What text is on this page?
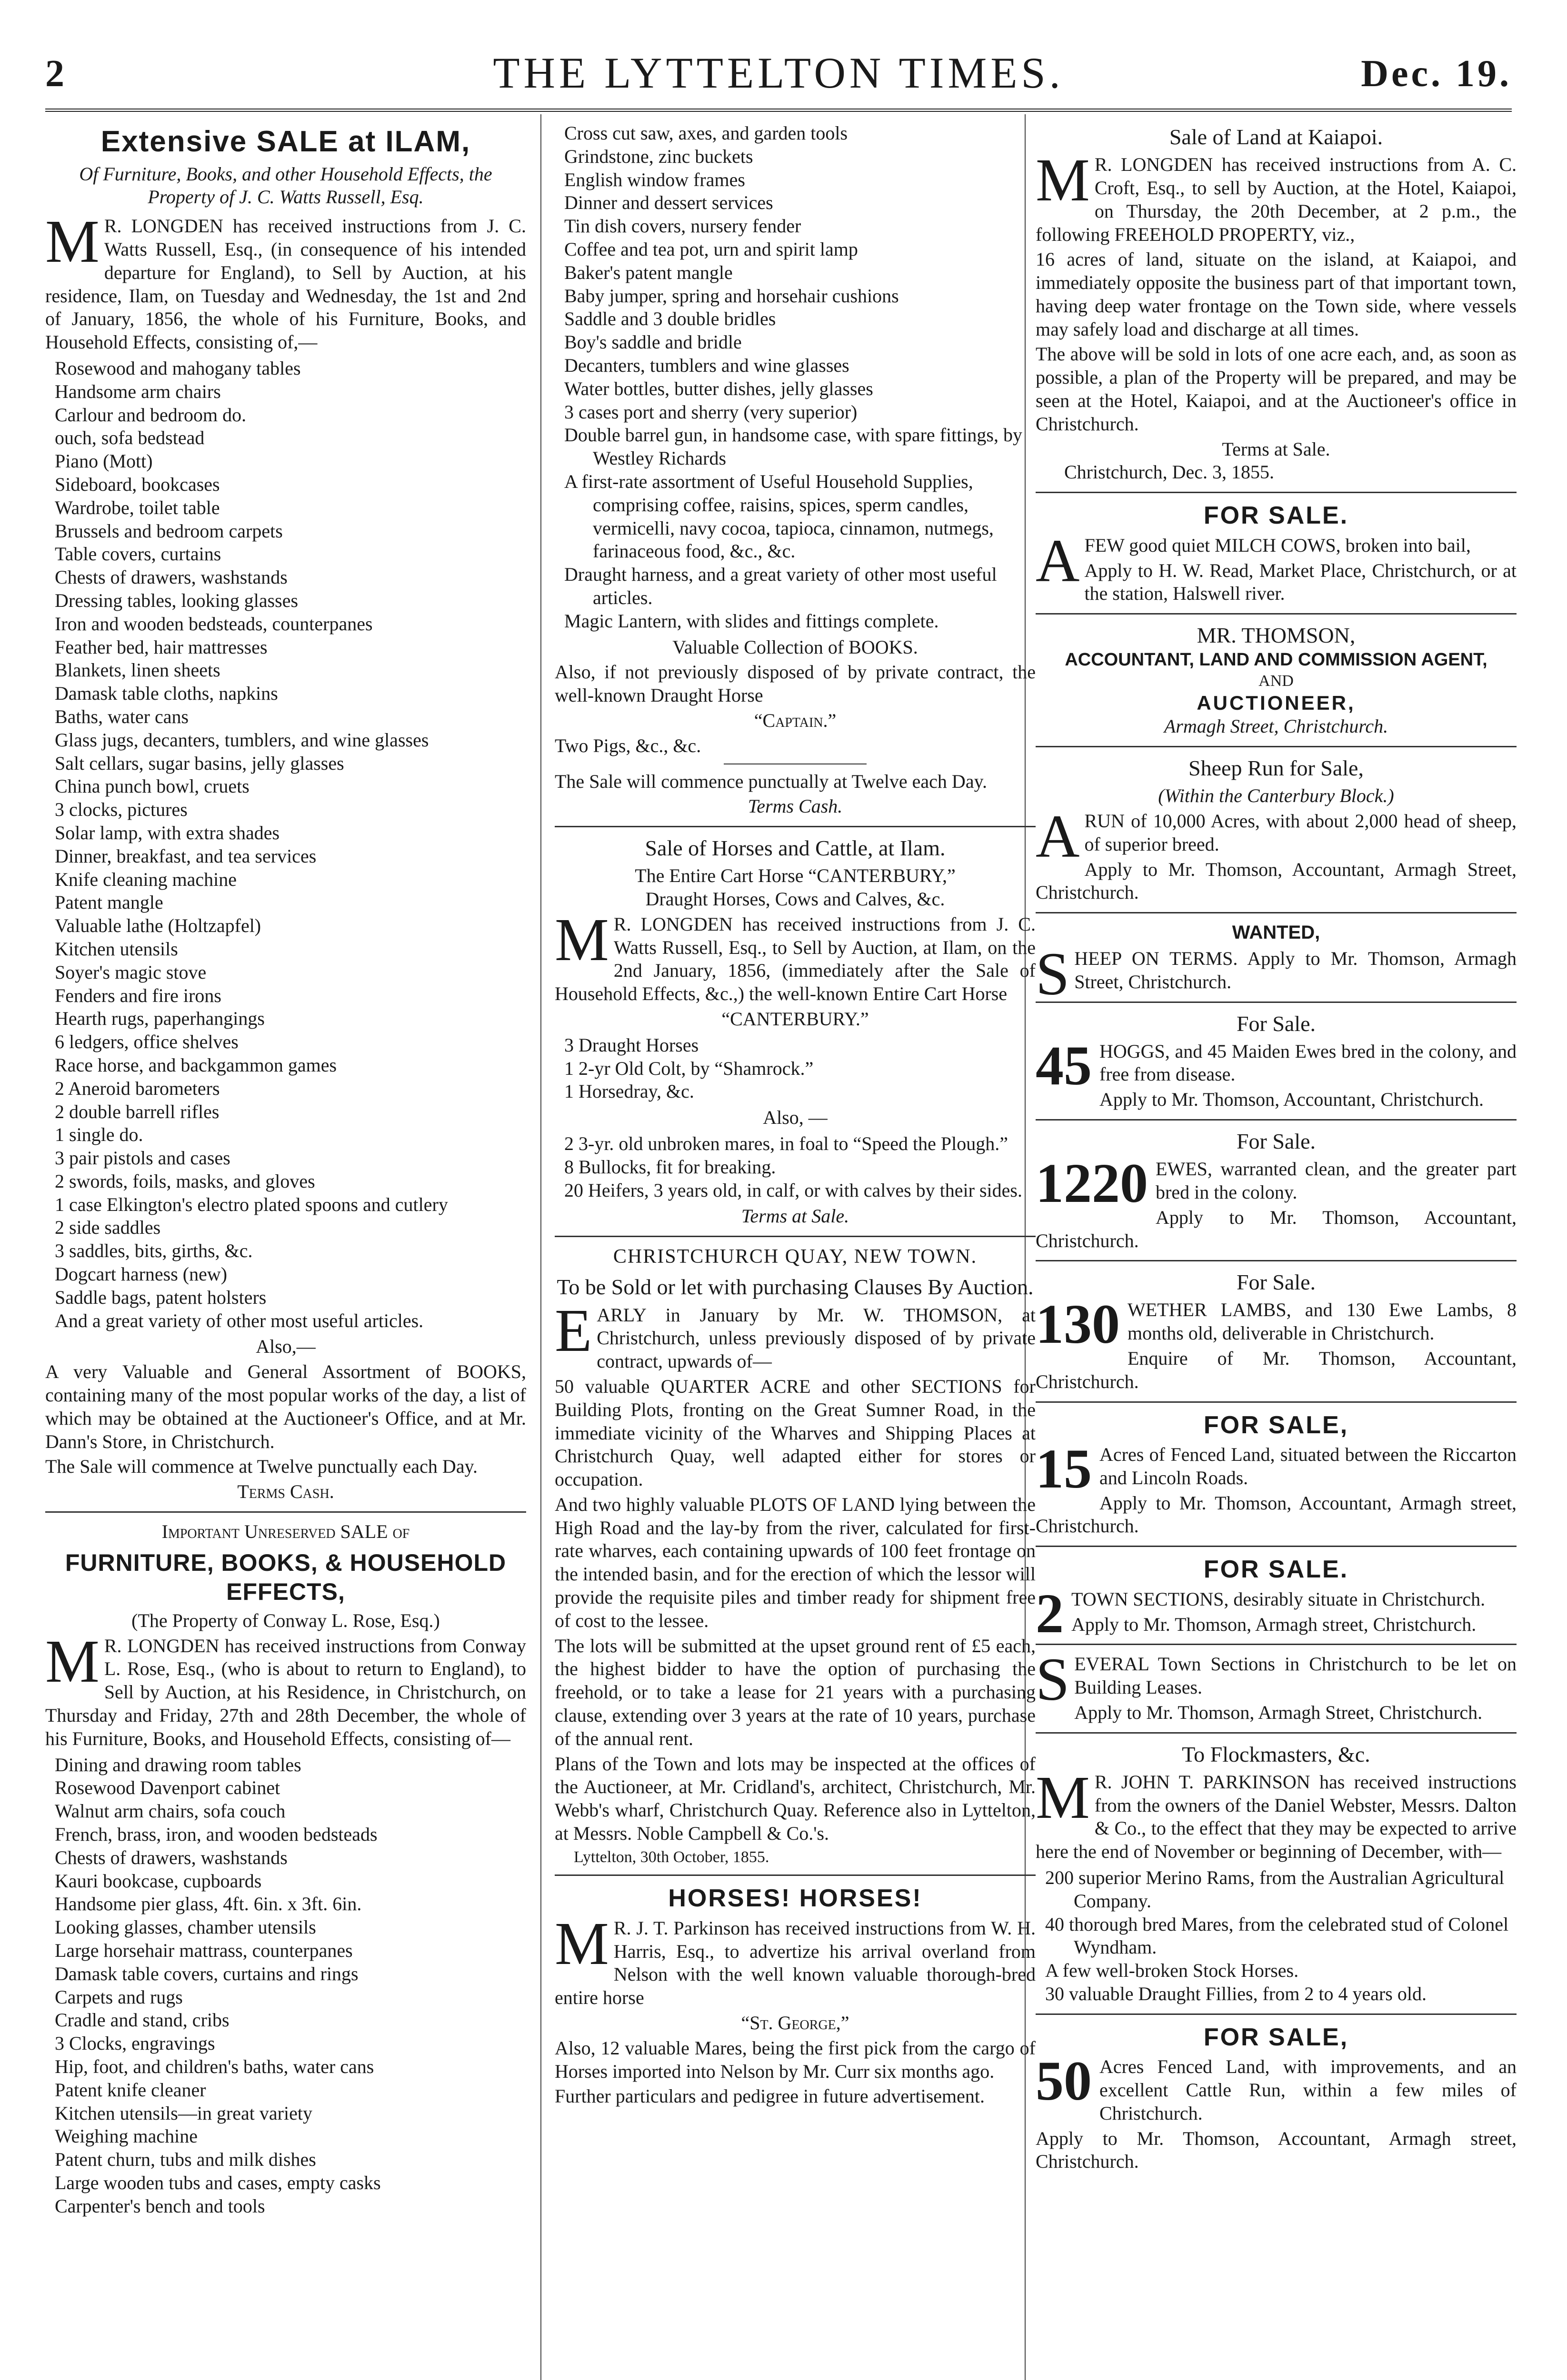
2	THE LYTTELTON TIMES.	Dec. 19.
Extensive SALE at ILAM,
Of Furniture, Books, and other Household Effects, the Property of J. C. Watts Russell, Esq.

M R. LONGDEN has received instructions from J. C. Watts Russell, Esq., (in consequence of his intended departure for England), to Sell by Auction, at his residence, Ilam, on Tuesday and Wednesday, the 1st and 2nd of January, 1856, the whole of his Furniture, Books, and Household Effects, consisting of,—

Rosewood and mahogany tables
Handsome arm chairs
Carlour and bedroom do.
ouch, sofa bedstead
Piano (Mott)
Sideboard, bookcases
Wardrobe, toilet table
Brussels and bedroom carpets
Table covers, curtains
Chests of drawers, washstands
Dressing tables, looking glasses
Iron and wooden bedsteads, counterpanes
Feather bed, hair mattresses
Blankets, linen sheets
Damask table cloths, napkins
Baths, water cans
Glass jugs, decanters, tumblers, and wine glasses
Salt cellars, sugar basins, jelly glasses
China punch bowl, cruets
3 clocks, pictures
Solar lamp, with extra shades
Dinner, breakfast, and tea services
Knife cleaning machine
Patent mangle
Valuable lathe (Holtzapfel)
Kitchen utensils
Soyer's magic stove
Fenders and fire irons
Hearth rugs, paperhangings
6 ledgers, office shelves
Race horse, and backgammon games
2 Aneroid barometers
2 double barrell rifles
1 single do.
3 pair pistols and cases
2 swords, foils, masks, and gloves
1 case Elkington's electro plated spoons and cutlery
2 side saddles
3 saddles, bits, girths, &c.
Dogcart harness (new)
Saddle bags, patent holsters
And a great variety of other most useful articles.
Also,—

A very Valuable and General Assortment of BOOKS, containing many of the most popular works of the day, a list of which may be obtained at the Auctioneer's Office, and at Mr. Dann's Store, in Christchurch.

The Sale will commence at Twelve punctually each Day.

Terms Cash.
Important Unreserved SALE of
FURNITURE, BOOKS, & HOUSEHOLD EFFECTS,
(The Property of Conway L. Rose, Esq.)

M R. LONGDEN has received instructions from Conway L. Rose, Esq., (who is about to return to England), to Sell by Auction, at his Residence, in Christchurch, on Thursday and Friday, 27th and 28th December, the whole of his Furniture, Books, and Household Effects, consisting of—

Dining and drawing room tables
Rosewood Davenport cabinet
Walnut arm chairs, sofa couch
French, brass, iron, and wooden bedsteads
Chests of drawers, washstands
Kauri bookcase, cupboards
Handsome pier glass, 4ft. 6in. x 3ft. 6in.
Looking glasses, chamber utensils
Large horsehair mattrass, counterpanes
Damask table covers, curtains and rings
Carpets and rugs
Cradle and stand, cribs
3 Clocks, engravings
Hip, foot, and children's baths, water cans
Patent knife cleaner
Kitchen utensils—in great variety
Weighing machine
Patent churn, tubs and milk dishes
Large wooden tubs and cases, empty casks
Carpenter's bench and tools
Cross cut saw, axes, and garden tools
Grindstone, zinc buckets
English window frames
Dinner and dessert services
Tin dish covers, nursery fender
Coffee and tea pot, urn and spirit lamp
Baker's patent mangle
Baby jumper, spring and horsehair cushions
Saddle and 3 double bridles
Boy's saddle and bridle
Decanters, tumblers and wine glasses
Water bottles, butter dishes, jelly glasses
3 cases port and sherry (very superior)
Double barrel gun, in handsome case, with spare fittings, by Westley Richards
A first-rate assortment of Useful Household Supplies, comprising coffee, raisins, spices, sperm candles, vermicelli, navy cocoa, tapioca, cinnamon, nutmegs, farinaceous food, &c., &c.
Draught harness, and a great variety of other most useful articles.
Magic Lantern, with slides and fittings complete.
Valuable Collection of BOOKS.

Also, if not previously disposed of by private contract, the well-known Draught Horse

“Captain.”

Two Pigs, &c., &c.

The Sale will commence punctually at Twelve each Day.

Terms Cash.
Sale of Horses and Cattle, at Ilam.
The Entire Cart Horse “CANTERBURY,”
Draught Horses, Cows and Calves, &c.

M R. LONGDEN has received instructions from J. C. Watts Russell, Esq., to Sell by Auction, at Ilam, on the 2nd January, 1856, (immediately after the Sale of Household Effects, &c.,) the well-known Entire Cart Horse

“CANTERBURY.”
3 Draught Horses
1 2-yr Old Colt, by “Shamrock.”
1 Horsedray, &c.
Also, —
2 3-yr. old unbroken mares, in foal to “Speed the Plough.”
8 Bullocks, fit for breaking.
20 Heifers, 3 years old, in calf, or with calves by their sides.
Terms at Sale.
CHRISTCHURCH QUAY, NEW TOWN.
To be Sold or let with purchasing Clauses By Auction.

EARLY in January by Mr. W. THOMSON, at Christchurch, unless previously disposed of by private contract, upwards of—

50 valuable QUARTER ACRE and other SECTIONS for Building Plots, fronting on the Great Sumner Road, in the immediate vicinity of the Wharves and Shipping Places at Christchurch Quay, well adapted either for stores or occupation.

And two highly valuable PLOTS OF LAND lying between the High Road and the lay-by from the river, calculated for first-rate wharves, each containing upwards of 100 feet frontage on the intended basin, and for the erection of which the lessor will provide the requisite piles and timber ready for shipment free of cost to the lessee.

The lots will be submitted at the upset ground rent of £5 each, the highest bidder to have the option of purchasing the freehold, or to take a lease for 21 years with a purchasing clause, extending over 3 years at the rate of 10 years, purchase of the annual rent.

Plans of the Town and lots may be inspected at the offices of the Auctioneer, at Mr. Cridland's, architect, Christchurch, Mr. Webb's wharf, Christchurch Quay. Reference also in Lyttelton, at Messrs. Noble Campbell & Co.'s.

Lyttelton, 30th October, 1855.
HORSES! HORSES!

M R. J. T. Parkinson has received instructions from W. H. Harris, Esq., to advertize his arrival overland from Nelson with the well known valuable thorough-bred entire horse

“St. George,”

Also, 12 valuable Mares, being the first pick from the cargo of Horses imported into Nelson by Mr. Curr six months ago.

Further particulars and pedigree in future advertisement.

Sale of Land at Kaiapoi.

M R. LONGDEN has received instructions from A. C. Croft, Esq., to sell by Auction, at the Hotel, Kaiapoi, on Thursday, the 20th December, at 2 p.m., the following FREEHOLD PROPERTY, viz.,

16 acres of land, situate on the island, at Kaiapoi, and immediately opposite the business part of that important town, having deep water frontage on the Town side, where vessels may safely load and discharge at all times.

The above will be sold in lots of one acre each, and, as soon as possible, a plan of the Property will be prepared, and may be seen at the Hotel, Kaiapoi, and at the Auctioneer's office in Christchurch.

Terms at Sale.
Christchurch, Dec. 3, 1855.
FOR SALE.

AFEW good quiet MILCH COWS, broken into bail,

Apply to H. W. Read, Market Place, Christchurch, or at the station, Halswell river.

MR. THOMSON,
ACCOUNTANT, LAND AND COMMISSION AGENT,
AND
AUCTIONEER,
Armagh Street, Christchurch.
Sheep Run for Sale,
(Within the Canterbury Block.)

ARUN of 10,000 Acres, with about 2,000 head of sheep, of superior breed.

Apply to Mr. Thomson, Accountant, Armagh Street, Christchurch.

WANTED,

SHEEP ON TERMS. Apply to Mr. Thomson, Armagh Street, Christchurch.

For Sale.

45 HOGGS, and 45 Maiden Ewes bred in the colony, and free from disease.

Apply to Mr. Thomson, Accountant, Christchurch.

For Sale.

1220 EWES, warranted clean, and the greater part bred in the colony.

Apply to Mr. Thomson, Accountant, Christchurch.

For Sale.

130 WETHER LAMBS, and 130 Ewe Lambs, 8 months old, deliverable in Christchurch.

Enquire of Mr. Thomson, Accountant, Christchurch.

FOR SALE,

15 Acres of Fenced Land, situated between the Riccarton and Lincoln Roads.

Apply to Mr. Thomson, Accountant, Armagh street, Christchurch.

FOR SALE.

2 TOWN SECTIONS, desirably situate in Christchurch.

Apply to Mr. Thomson, Armagh street, Christchurch.

SEVERAL Town Sections in Christchurch to be let on Building Leases.

Apply to Mr. Thomson, Armagh Street, Christchurch.

To Flockmasters, &c.

M R. JOHN T. PARKINSON has received instructions from the owners of the Daniel Webster, Messrs. Dalton & Co., to the effect that they may be expected to arrive here the end of November or beginning of December, with—

200 superior Merino Rams, from the Australian Agricultural Company.
40 thorough bred Mares, from the celebrated stud of Colonel Wyndham.
A few well-broken Stock Horses.
30 valuable Draught Fillies, from 2 to 4 years old.
FOR SALE,

50 Acres Fenced Land, with improvements, and an excellent Cattle Run, within a few miles of Christchurch.

Apply to Mr. Thomson, Accountant, Armagh street, Christchurch.
